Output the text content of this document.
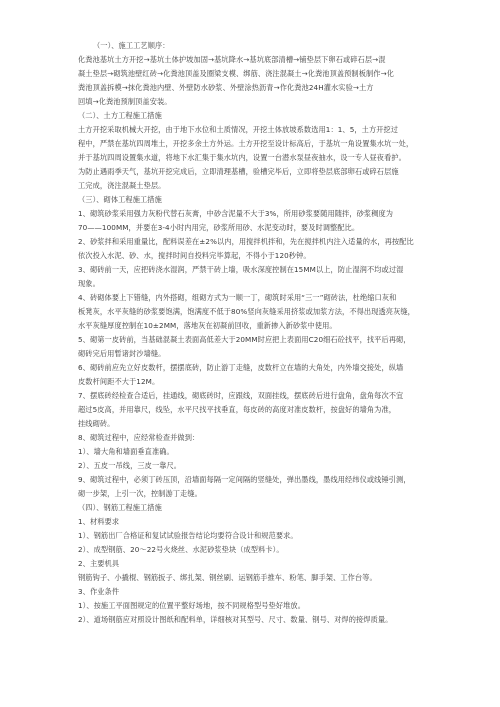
（一）、施工工艺顺序：
化粪池基坑土方开挖→基坑土体护坡加固→基坑降水→基坑底部清槽→铺垫层下卵石或碎石层→混
凝土垫层→砌筑池壁红砖→化粪池顶盖及圈梁支模、绑筋、浇注混凝土→化粪池顶盖预制板制作→化
粪池顶盖拆模→抹化粪池内壁、外壁防水砂浆、外壁涂热沥青→作化粪池24H灌水实验→土方
回填→化粪池预制顶盖安装。
（二）、土方工程施工措施
土方开挖采取机械大开挖，由于地下水位和土质情况，开挖土体放坡系数选用1：1、5，土方开挖过
程中，严禁在基坑四周堆土，开挖多余土方外运。土方开挖至设计标高后，于基坑一角设置集水坑一处，
并于基坑四周设置集水道，将地下水汇集于集水坑内，设置一台潜水泵昼夜抽水，设一专人昼夜看护。
为防止遇雨季天气，基坑开挖完成后，立即清理基槽，验槽完毕后，立即将垫层底部卵石或碎石层施
工完成，浇注混凝土垫层。
（三）、砌体工程施工措施
1、砌筑砂浆采用强力灰粉代替石灰膏，中砂含泥量不大于3%，所用砂浆要随用随拌，砂浆稠度为
70——100MM，并要在3-4小时内用完，砂浆所用砂、水泥变动时，要及时调整配比。
2、砂浆拌和采用重量比，配料误差在±2%以内，用搅拌机拌和，先在搅拌机内注入适量的水，再按配比
依次投入水泥、砂、水，搅拌时间自投料完毕算起，不得小于120秒钟。
3、砌砖前一天，应把砖浇水湿润，严禁干砖上墙，吸水深度控制在15MM以上，防止湿润不均或过湿
现象。
4、砖砌体要上下错缝，内外搭砌，组砌方式为一顺一丁，砌筑时采用“三一”砌砖法，杜绝缩口灰和
板凳灰，水平灰缝的砂浆要饱满，饱满度不低于80%竖向灰缝采用挤浆或加浆方法，不得出现透亮灰缝，
水平灰缝厚度控制在10±2MM，落地灰在初凝前回收，重新掺入新砂浆中使用。
5、砌第一皮砖前，当基础混凝土表面高低差大于20MM时应把上表面用C20细石砼找平，找平后再砌，
砌砖完后用暂诸封沙墙缝。
6、砌砖前应先立好皮数杆，摆摆底砖，防止游丁走缝，皮数杆立在墙的大角处，内外墙交接处，纵墙
皮数杆间距不大于12M。
7、摆底砖经检查合适后，挂通线，砌底砖时，应跟线，双面挂线，摆底砖后进行盘角，盘角每次不宜
超过5皮高，并用靠尺，线坠，水平尺找平找垂直，每皮砖的高度对准皮数杆，按盘好的墙角为准，
挂线砌砖。
8、砌筑过程中，应经常检查并做到：
1）、墙大角和墙面垂直准确。
2）、五皮一吊线，三皮一靠尺。
9、砌筑过程中，必须丁砖压顶，沿墙面每隔一定间隔的竖缝处，弹出墨线，墨线用经纬仪或线锤引测，
砌一步架，上引一次，控制游丁走缝。
（四）、钢筋工程施工措施
1、材料要求
1）、钢筋出厂合格证和复试试验报告结论均要符合设计和规范要求。
2）、成型钢筋、20～22号火烧丝、水泥砂浆垫块（成型料卡）。
2、主要机具
钢筋钩子、小撬棍、钢筋扳子、绑扎架、钢丝刷、运钢筋手推车、粉笔、脚手架、工作台等。
3、作业条件
1）、按施工平面图规定的位置平整好场地，按不同规格型号垫好堆放。
2）、道场钢筋应对照设计图纸和配料单，详细核对其型号、尺寸、数量、钢号、对焊的接焊质量。
